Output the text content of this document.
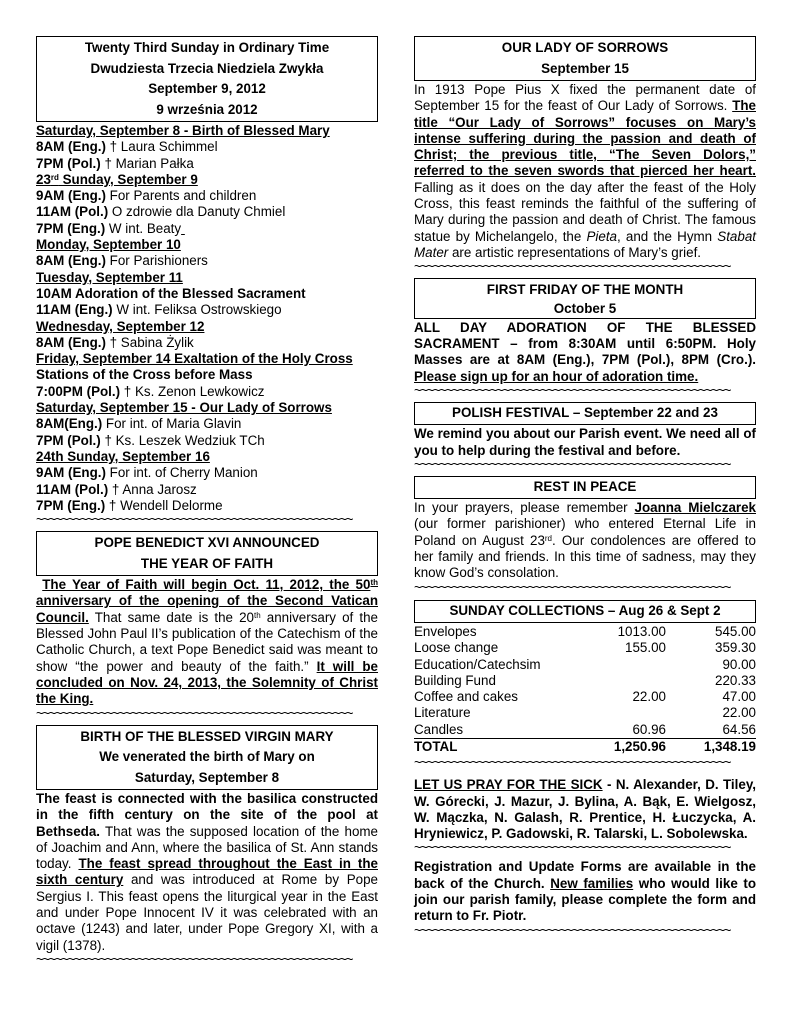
Twenty Third Sunday in Ordinary Time
Dwudziesta Trzecia Niedziela Zwykła
September 9, 2012
9 września 2012
Saturday, September 8 - Birth of Blessed Mary
8AM (Eng.) † Laura Schimmel
7PM (Pol.) † Marian Pałka
23rd Sunday, September 9
9AM (Eng.) For Parents and children
11AM (Pol.) O zdrowie dla Danuty Chmiel
7PM (Eng.) W int. Beaty
Monday, September 10
8AM (Eng.) For Parishioners
Tuesday, September 11
10AM Adoration of the Blessed Sacrament
11AM (Eng.) W int. Feliksa Ostrowskiego
Wednesday, September 12
8AM (Eng.) † Sabina Żylik
Friday, September 14 Exaltation of the Holy Cross
Stations of the Cross before Mass
7:00PM (Pol.) † Ks. Zenon Lewkowicz
Saturday, September 15 - Our Lady of Sorrows
8AM(Eng.) For int. of Maria Glavin
7PM (Pol.) † Ks. Leszek Wedziuk TCh
24th Sunday, September 16
9AM (Eng.) For int. of Cherry Manion
11AM (Pol.) † Anna Jarosz
7PM (Eng.) † Wendell Delorme
~~~~~~~~~~~~~~~~~~~~~~~~~~~~~~~~~~~~~~~~~~~~~~~~~~
POPE BENEDICT XVI ANNOUNCED
THE YEAR OF FAITH
The Year of Faith will begin Oct. 11, 2012, the 50th anniversary of the opening of the Second Vatican Council. That same date is the 20th anniversary of the Blessed John Paul II’s publication of the Catechism of the Catholic Church, a text Pope Benedict said was meant to show “the power and beauty of the faith.” It will be concluded on Nov. 24, 2013, the Solemnity of Christ the King.
~~~~~~~~~~~~~~~~~~~~~~~~~~~~~~~~~~~~~~~~~~~~~~~~~~
BIRTH OF THE BLESSED VIRGIN MARY
We venerated the birth of Mary on
Saturday, September 8
The feast is connected with the basilica constructed in the fifth century on the site of the pool at Bethseda. That was the supposed location of the home of Joachim and Ann, where the basilica of St. Ann stands today. The feast spread throughout the East in the sixth century and was introduced at Rome by Pope Sergius I. This feast opens the liturgical year in the East and under Pope Innocent IV it was celebrated with an octave (1243) and later, under Pope Gregory XI, with a vigil (1378).
~~~~~~~~~~~~~~~~~~~~~~~~~~~~~~~~~~~~~~~~~~~~~~~~~~
OUR LADY OF SORROWS
September 15
In 1913 Pope Pius X fixed the permanent date of September 15 for the feast of Our Lady of Sorrows. The title “Our Lady of Sorrows” focuses on Mary’s intense suffering during the passion and death of Christ; the previous title, “The Seven Dolors,” referred to the seven swords that pierced her heart. Falling as it does on the day after the feast of the Holy Cross, this feast reminds the faithful of the suffering of Mary during the passion and death of Christ. The famous statue by Michelangelo, the Pieta, and the Hymn Stabat Mater are artistic representations of Mary’s grief.
~~~~~~~~~~~~~~~~~~~~~~~~~~~~~~~~~~~~~~~~~~~~~~~~~~
FIRST FRIDAY OF THE MONTH
October 5
ALL DAY ADORATION OF THE BLESSED SACRAMENT – from 8:30AM until 6:50PM. Holy Masses are at 8AM (Eng.), 7PM (Pol.), 8PM (Cro.). Please sign up for an hour of adoration time.
~~~~~~~~~~~~~~~~~~~~~~~~~~~~~~~~~~~~~~~~~~~~~~~~~~
POLISH FESTIVAL – September 22 and 23
We remind you about our Parish event. We need all of you to help during the festival and before.
~~~~~~~~~~~~~~~~~~~~~~~~~~~~~~~~~~~~~~~~~~~~~~~~~~
REST IN PEACE
In your prayers, please remember Joanna Mielczarek (our former parishioner) who entered Eternal Life in Poland on August 23rd. Our condolences are offered to her family and friends. In this time of sadness, may they know God’s consolation.
~~~~~~~~~~~~~~~~~~~~~~~~~~~~~~~~~~~~~~~~~~~~~~~~~~
SUNDAY COLLECTIONS – Aug 26 & Sept 2
Envelopes	1013.00	545.00
Loose change	155.00	359.30
Education/Catechsim		90.00
Building Fund		220.33
Coffee and cakes	22.00	47.00
Literature		22.00
Candles	60.96	64.56
TOTAL	1,250.96	1,348.19
~~~~~~~~~~~~~~~~~~~~~~~~~~~~~~~~~~~~~~~~~~~~~~~~~~
LET US PRAY FOR THE SICK - N. Alexander, D. Tiley, W. Górecki, J. Mazur, J. Bylina, A. Bąk, E. Wielgosz, W. Mączka, N. Galash, R. Prentice, H. Łuczycka, A. Hryniewicz, P. Gadowski, R. Talarski, L. Sobolewska.
~~~~~~~~~~~~~~~~~~~~~~~~~~~~~~~~~~~~~~~~~~~~~~~~~~
Registration and Update Forms are available in the back of the Church. New families who would like to join our parish family, please complete the form and return to Fr. Piotr.
~~~~~~~~~~~~~~~~~~~~~~~~~~~~~~~~~~~~~~~~~~~~~~~~~~
